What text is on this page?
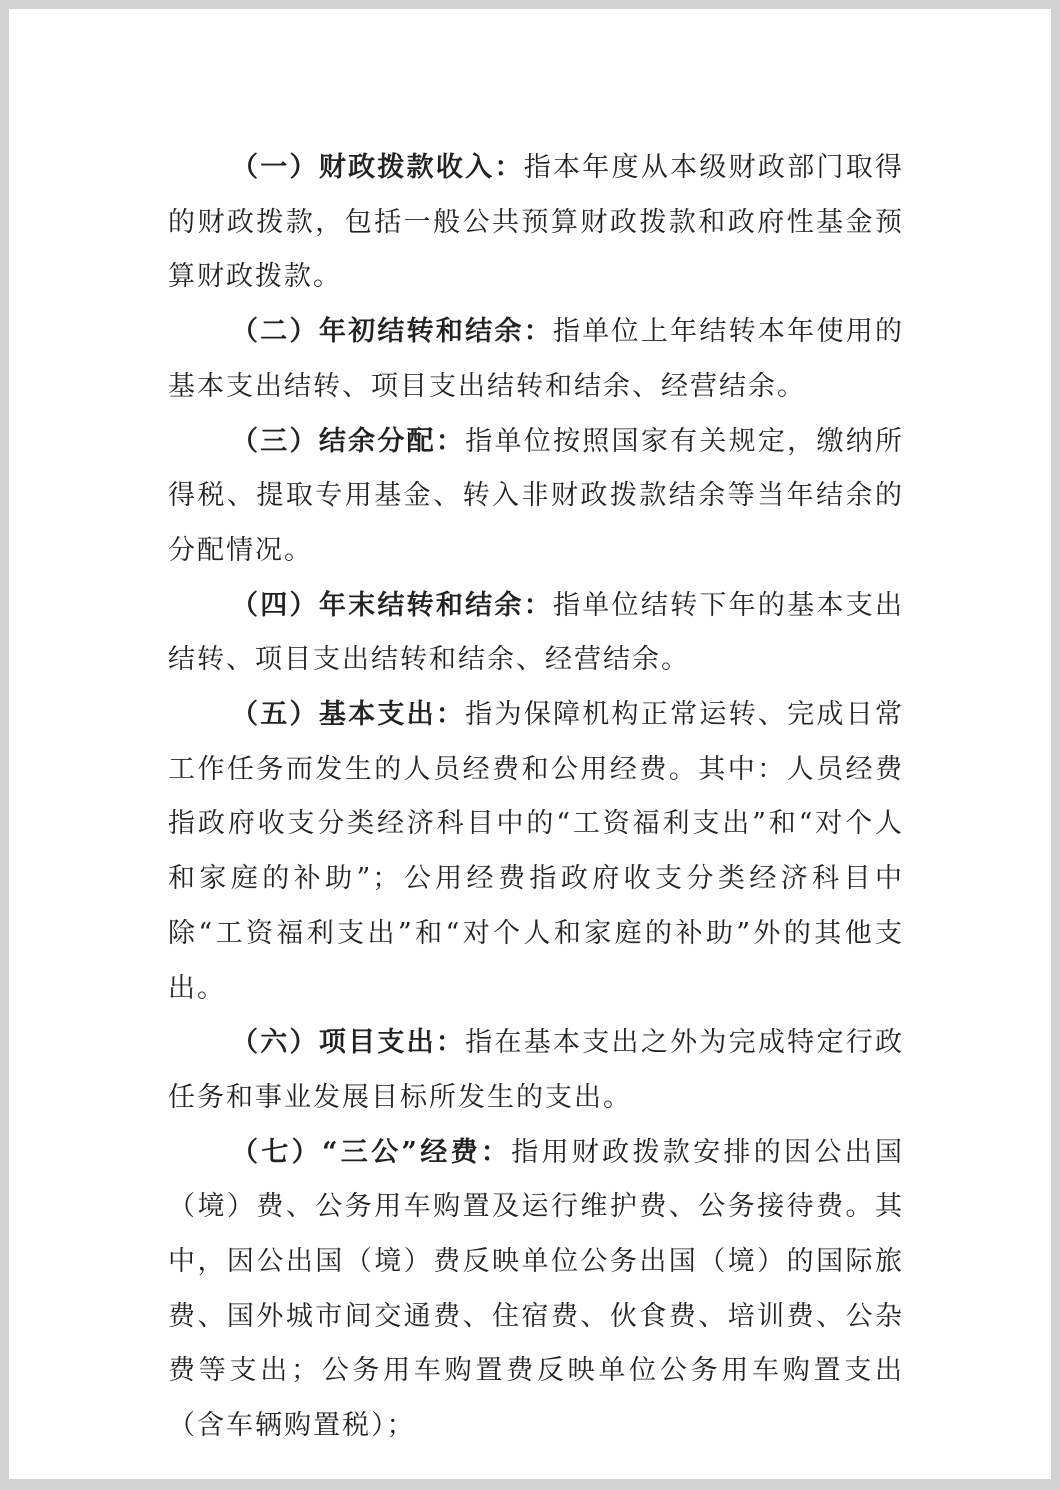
（一）财政拨款收入：指本年度从本级财政部门取得的财政拨款，包括一般公共预算财政拨款和政府性基金预算财政拨款。

（二）年初结转和结余：指单位上年结转本年使用的基本支出结转、项目支出结转和结余、经营结余。

（三）结余分配：指单位按照国家有关规定，缴纳所得税、提取专用基金、转入非财政拨款结余等当年结余的分配情况。

（四）年末结转和结余：指单位结转下年的基本支出结转、项目支出结转和结余、经营结余。

（五）基本支出：指为保障机构正常运转、完成日常工作任务而发生的人员经费和公用经费。其中：人员经费指政府收支分类经济科目中的“工资福利支出”和“对个人和家庭的补助”；公用经费指政府收支分类经济科目中除“工资福利支出”和“对个人和家庭的补助”外的其他支出。

（六）项目支出：指在基本支出之外为完成特定行政任务和事业发展目标所发生的支出。

（七）“三公”经费：指用财政拨款安排的因公出国（境）费、公务用车购置及运行维护费、公务接待费。其中，因公出国（境）费反映单位公务出国（境）的国际旅费、国外城市间交通费、住宿费、伙食费、培训费、公杂费等支出；公务用车购置费反映单位公务用车购置支出（含车辆购置税）；
